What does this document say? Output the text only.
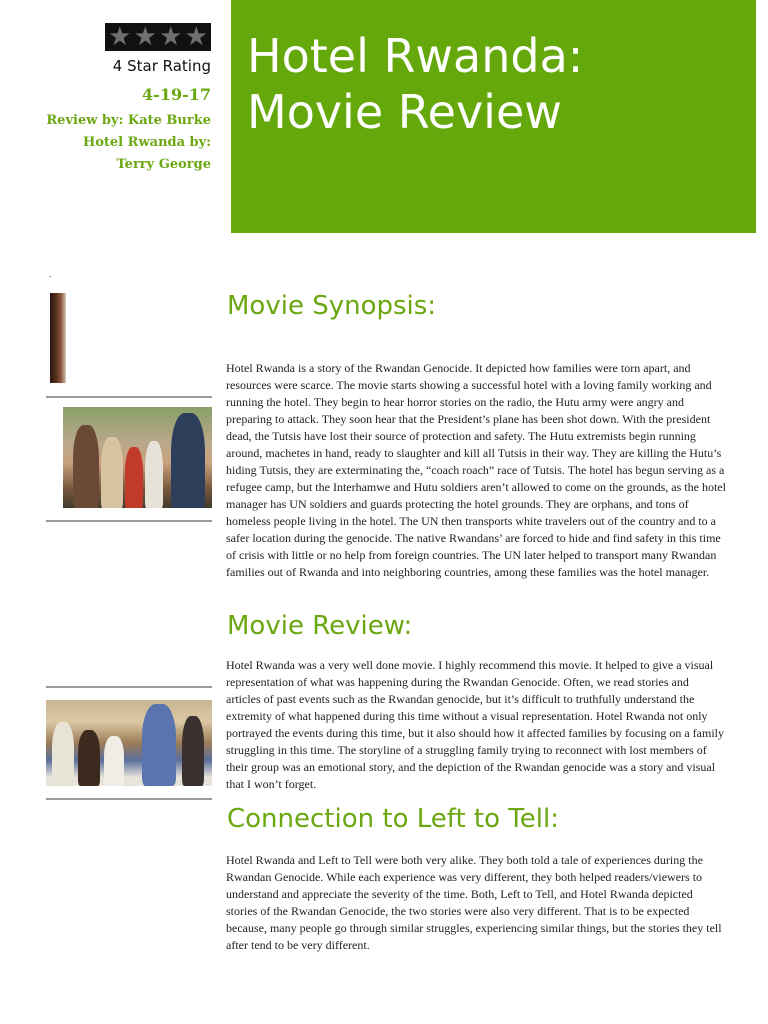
★ ★ ★ ★
4 Star Rating
4-19-17
Review by: Kate Burke
Hotel Rwanda by: Terry George
Hotel Rwanda:
Movie Review
.
Movie Synopsis:
Hotel Rwanda is a story of the Rwandan Genocide. It depicted how families were torn apart, and resources were scarce. The movie starts showing a successful hotel with a loving family working and running the hotel. They begin to hear horror stories on the radio, the Hutu army were angry and preparing to attack. They soon hear that the President’s plane has been shot down. With the president dead, the Tutsis have lost their source of protection and safety. The Hutu extremists begin running around, machetes in hand, ready to slaughter and kill all Tutsis in their way. They are killing the Hutu’s hiding Tutsis, they are exterminating the, “coach roach” race of Tutsis. The hotel has begun serving as a refugee camp, but the Interhamwe and Hutu soldiers aren’t allowed to come on the grounds, as the hotel manager has UN soldiers and guards protecting the hotel grounds. They are orphans, and tons of homeless people living in the hotel. The UN then transports white travelers out of the country and to a safer location during the genocide. The native Rwandans’ are forced to hide and find safety in this time of crisis with little or no help from foreign countries. The UN later helped to transport many Rwandan families out of Rwanda and into neighboring countries, among these families was the hotel manager.
Movie Review:
Hotel Rwanda was a very well done movie. I highly recommend this movie. It helped to give a visual representation of what was happening during the Rwandan Genocide. Often, we read stories and articles of past events such as the Rwandan genocide, but it’s difficult to truthfully understand the extremity of what happened during this time without a visual representation. Hotel Rwanda not only portrayed the events during this time, but it also should how it affected families by focusing on a family struggling in this time. The storyline of a struggling family trying to reconnect with lost members of their group was an emotional story, and the depiction of the Rwandan genocide was a story and visual that I won’t forget.
Connection to Left to Tell:
Hotel Rwanda and Left to Tell were both very alike. They both told a tale of experiences during the Rwandan Genocide. While each experience was very different, they both helped readers/viewers to understand and appreciate the severity of the time. Both, Left to Tell, and Hotel Rwanda depicted stories of the Rwandan Genocide, the two stories were also very different. That is to be expected because, many people go through similar struggles, experiencing similar things, but the stories they tell after tend to be very different.
